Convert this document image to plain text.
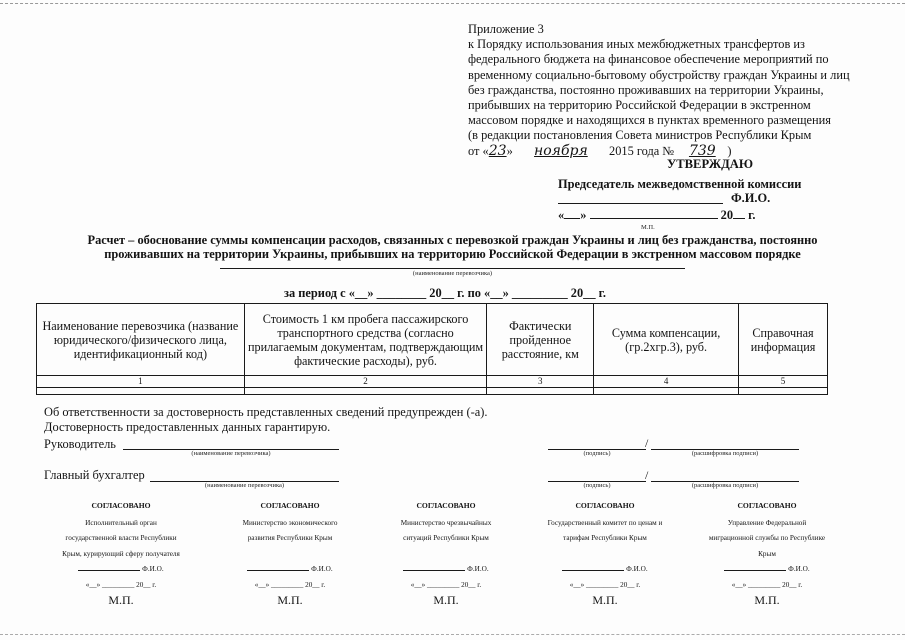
Приложение 3
к Порядку использования иных межбюджетных трансфертов из
федерального бюджета на финансовое обеспечение мероприятий по
временному социально-бытовому обустройству граждан Украины и лиц
без гражданства, постоянно проживавших на территории Украины,
прибывших на территорию Российской Федерации в экстренном
массовом порядке и находящихся в пунктах временного размещения
(в редакции постановления Совета министров Республики Крым
от «23» ноября 2015 года № 739 )
УТВЕРЖДАЮ
Председатель межведомственной комиссии
Ф.И.О.
« »	20 г.
М.П.
Расчет – обоснование суммы компенсации расходов, связанных с перевозкой граждан Украины и лиц без гражданства, постоянно
проживавших на территории Украины, прибывших на территорию Российской Федерации в экстренном массовом порядке
(наименование перевозчика)
за период с «__» ________ 20__ г. по «__» _________ 20__ г.
Наименование перевозчика (название юридического/физического лица, идентификационный код)	Стоимость 1 км пробега пассажирского транспортного средства (согласно прилагаемым документам, подтверждающим фактические расходы), руб.	Фактически пройденное расстояние, км	Сумма компенсации, (гр.2хгр.3), руб.	Справочная информация
1	2	3	4	5

Об ответственности за достоверность представленных сведений предупрежден (-а).
Достоверность предоставленных данных гарантирую.
Руководитель
(наименование перевозчика)
/
(подпись)	(расшифровка подписи)
Главный бухгалтер
(наименование перевозчика)
/
(подпись)	(расшифровка подписи)
СОГЛАСОВАНО
Исполнительный орган
государственной власти Республики
Крым, курирующий сферу получателя
Ф.И.О.
«__» _________ 20__ г.
М.П.
СОГЛАСОВАНО
Министерство экономического
развития Республики Крым
Ф.И.О.
«__» _________ 20__ г.
М.П.
СОГЛАСОВАНО
Министерство чрезвычайных
ситуаций Республики Крым
Ф.И.О.
«__» _________ 20__ г.
М.П.
СОГЛАСОВАНО
Государственный комитет по ценам и
тарифам Республики Крым
Ф.И.О.
«__» _________ 20__ г.
М.П.
СОГЛАСОВАНО
Управление Федеральной
миграционной службы по Республике
Крым
Ф.И.О.
«__» _________ 20__ г.
М.П.
